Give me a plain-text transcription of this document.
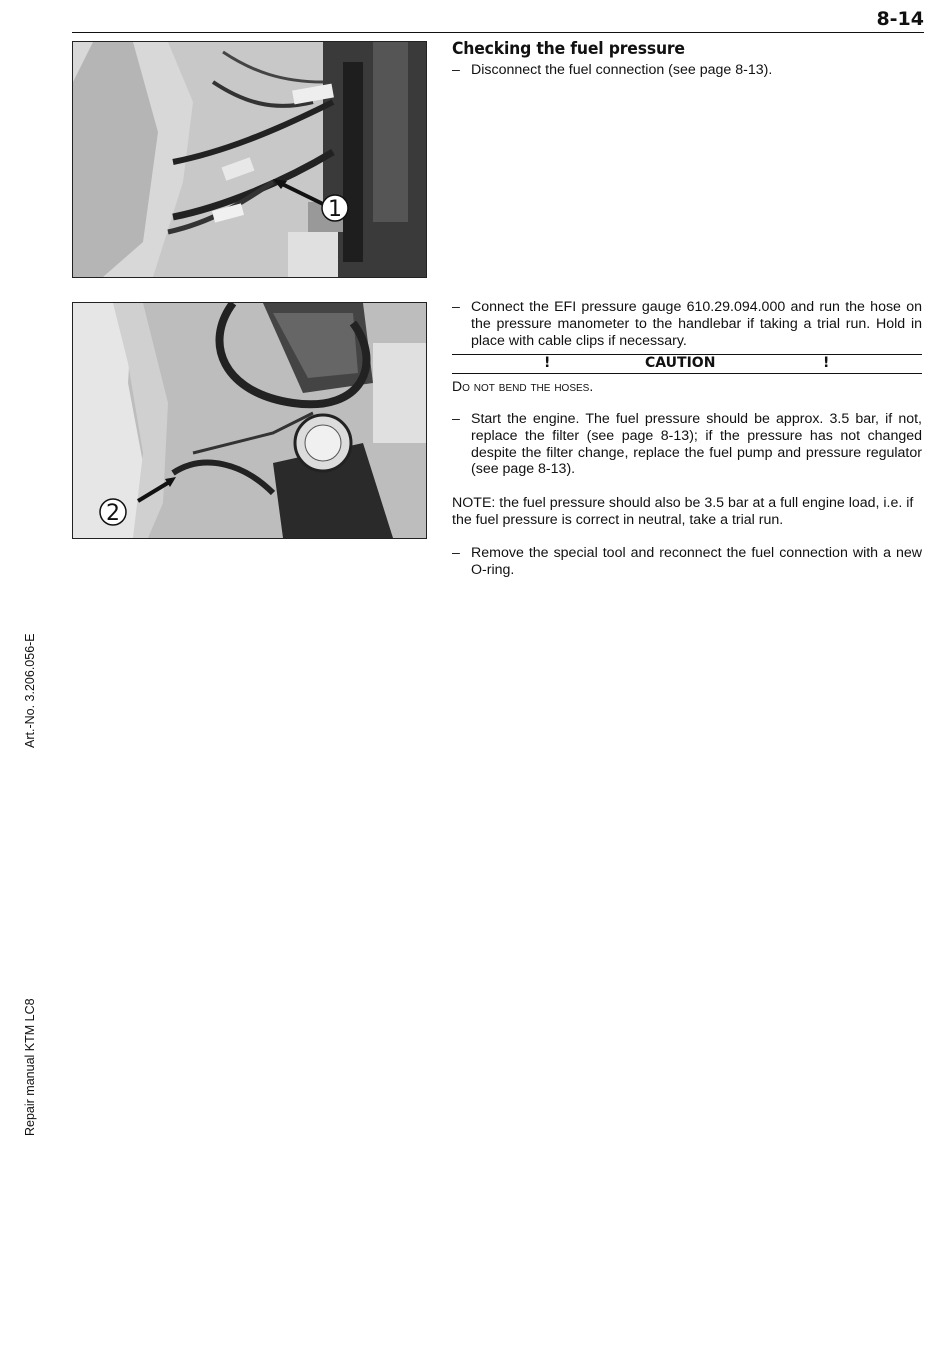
8-14
1
2
Checking the fuel pressure
– Disconnect the fuel connection (see page 8-13).
– Connect the EFI pressure gauge 610.29.094.000 and run the hose on the pressure manometer to the handlebar if taking a trial run. Hold in place with cable clips if necessary.
!	CAUTION	!
Do not bend the hoses.
– Start the engine. The fuel pressure should be approx. 3.5 bar, if not, replace the filter (see page 8-13); if the pressure has not changed despite the filter change, replace the fuel pump and pressure regulator (see page 8-13).
NOTE: the fuel pressure should also be 3.5 bar at a full engine load, i.e. if the fuel pressure is correct in neutral, take a trial run.
– Remove the special tool and reconnect the fuel connection with a new O-ring.
Art.-No. 3.206.056-E
Repair manual KTM LC8
